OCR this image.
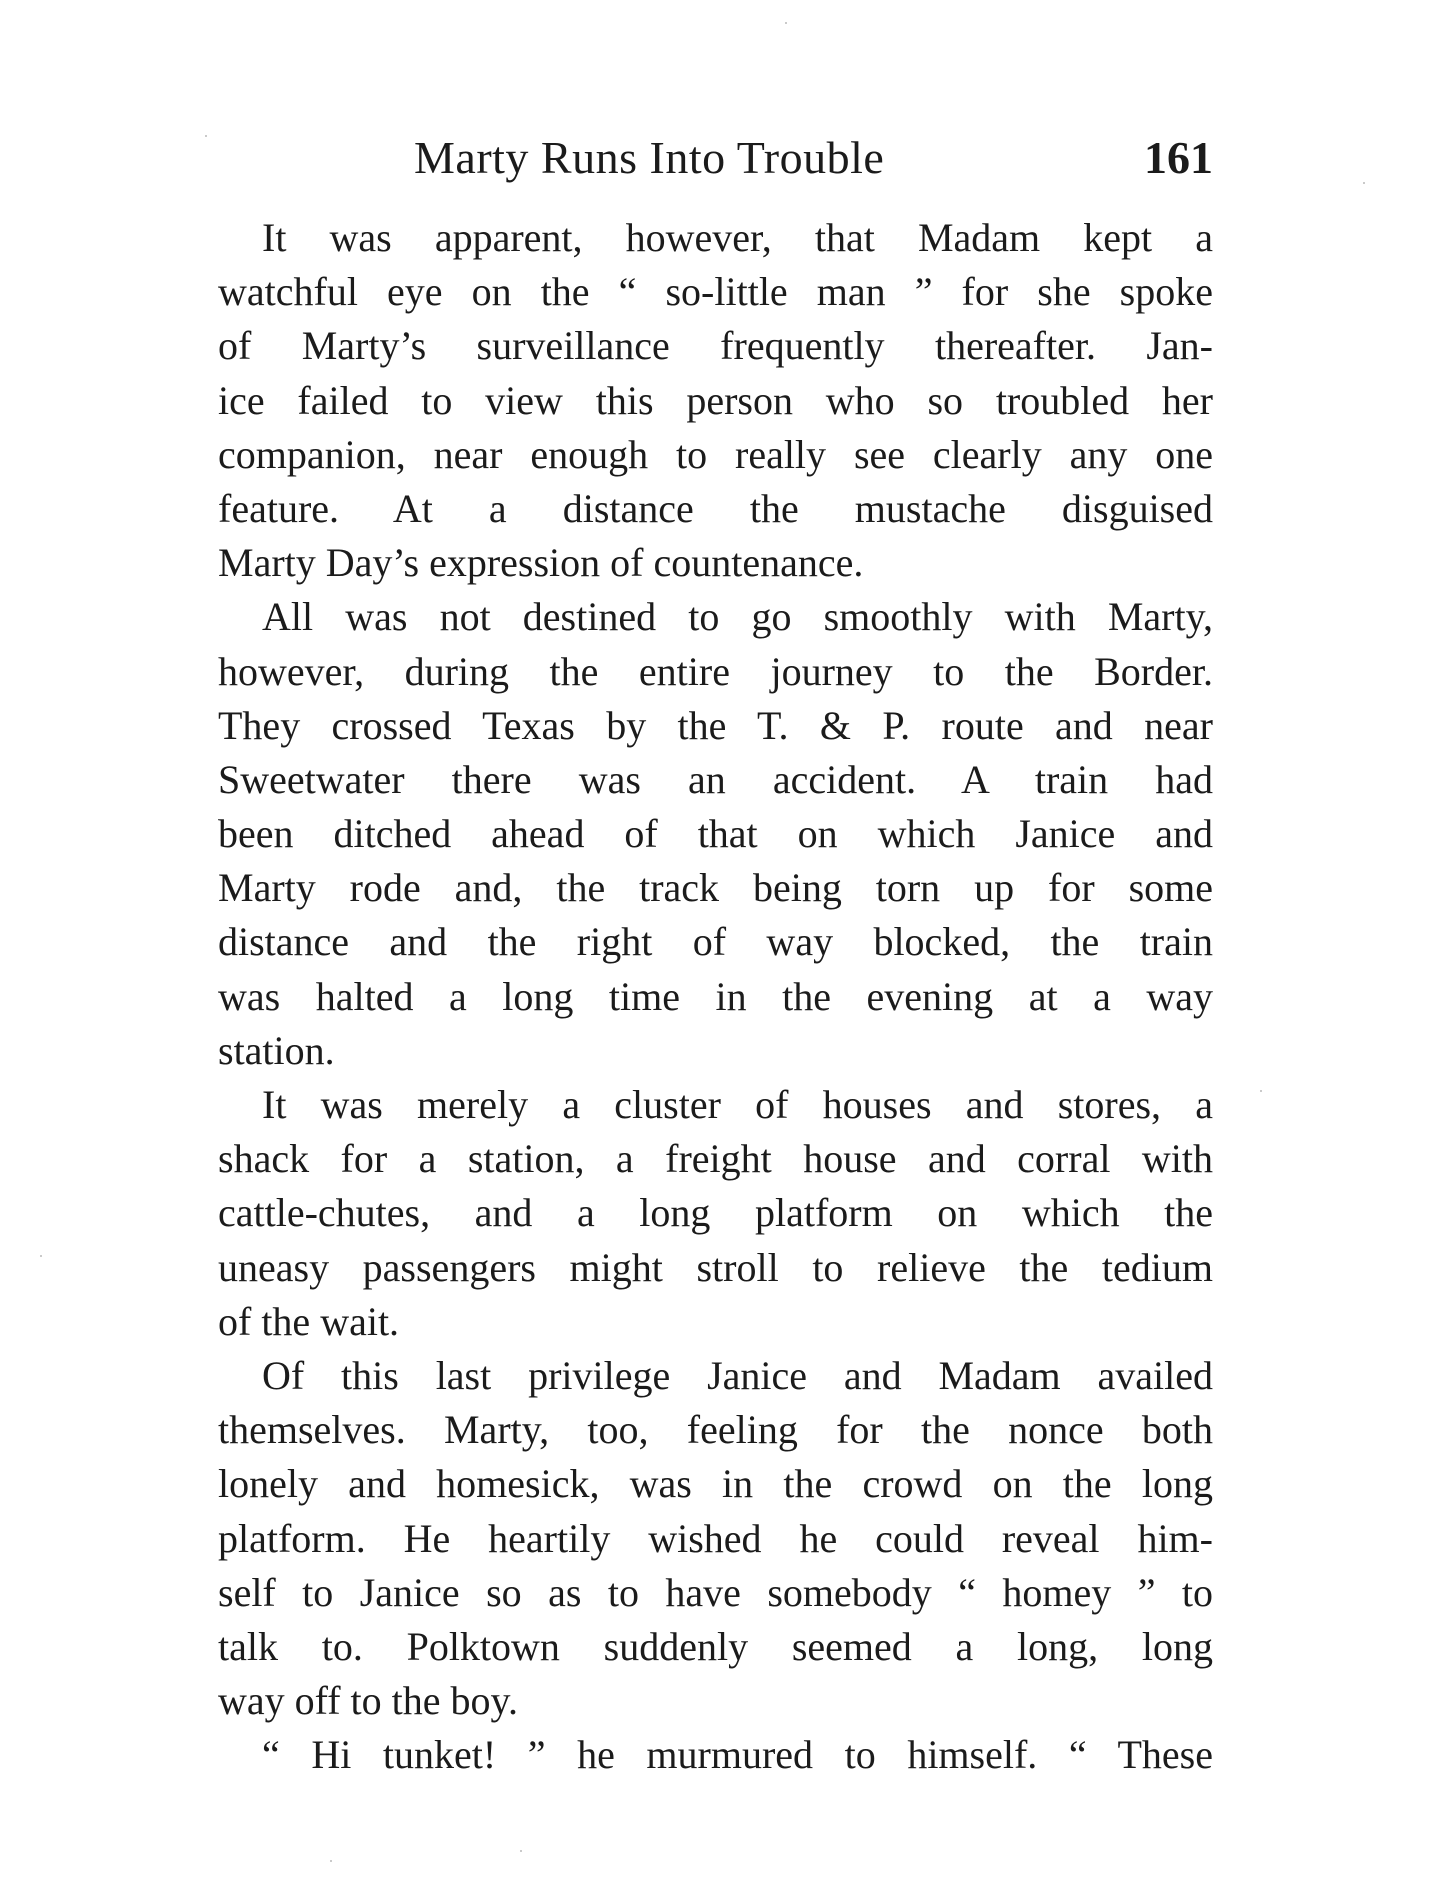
Marty Runs Into Trouble	161
It was apparent, however, that Madam kept a
watchful eye on the “ so-little man ” for she spoke
of Marty’s surveillance frequently thereafter. Jan-
ice failed to view this person who so troubled her
companion, near enough to really see clearly any one
feature. At a distance the mustache disguised
Marty Day’s expression of countenance.
All was not destined to go smoothly with Marty,
however, during the entire journey to the Border.
They crossed Texas by the T. & P. route and near
Sweetwater there was an accident. A train had
been ditched ahead of that on which Janice and
Marty rode and, the track being torn up for some
distance and the right of way blocked, the train
was halted a long time in the evening at a way
station.
It was merely a cluster of houses and stores, a
shack for a station, a freight house and corral with
cattle-chutes, and a long platform on which the
uneasy passengers might stroll to relieve the tedium
of the wait.
Of this last privilege Janice and Madam availed
themselves. Marty, too, feeling for the nonce both
lonely and homesick, was in the crowd on the long
platform. He heartily wished he could reveal him-
self to Janice so as to have somebody “ homey ” to
talk to. Polktown suddenly seemed a long, long
way off to the boy.
“ Hi tunket! ” he murmured to himself. “ These
